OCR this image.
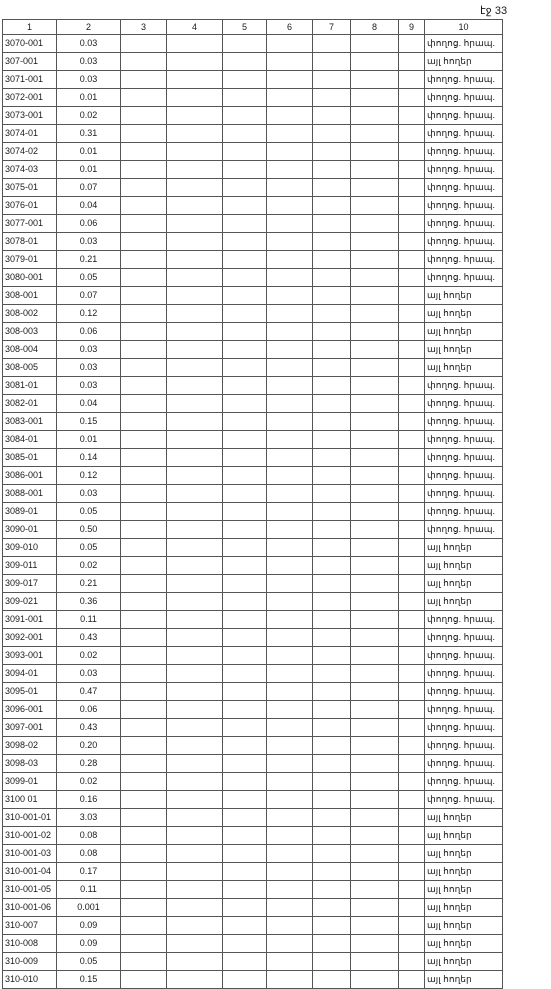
էջ 33
1	2	3	4	5	6	7	8	9	10
3070-001	0.03								փողոց. հրապ.
307-001	0.03								այլ հողեր
3071-001	0.03								փողոց. հրապ.
3072-001	0.01								փողոց. հրապ.
3073-001	0.02								փողոց. հրապ.
3074-01	0.31								փողոց. հրապ.
3074-02	0.01								փողոց. հրապ.
3074-03	0.01								փողոց. հրապ.
3075-01	0.07								փողոց. հրապ.
3076-01	0.04								փողոց. հրապ.
3077-001	0.06								փողոց. հրապ.
3078-01	0.03								փողոց. հրապ.
3079-01	0.21								փողոց. հրապ.
3080-001	0.05								փողոց. հրապ.
308-001	0.07								այլ հողեր
308-002	0.12								այլ հողեր
308-003	0.06								այլ հողեր
308-004	0.03								այլ հողեր
308-005	0.03								այլ հողեր
3081-01	0.03								փողոց. հրապ.
3082-01	0.04								փողոց. հրապ.
3083-001	0.15								փողոց. հրապ.
3084-01	0.01								փողոց. հրապ.
3085-01	0.14								փողոց. հրապ.
3086-001	0.12								փողոց. հրապ.
3088-001	0.03								փողոց. հրապ.
3089-01	0.05								փողոց. հրապ.
3090-01	0.50								փողոց. հրապ.
309-010	0.05								այլ հողեր
309-011	0.02								այլ հողեր
309-017	0.21								այլ հողեր
309-021	0.36								այլ հողեր
3091-001	0.11								փողոց. հրապ.
3092-001	0.43								փողոց. հրապ.
3093-001	0.02								փողոց. հրապ.
3094-01	0.03								փողոց. հրապ.
3095-01	0.47								փողոց. հրապ.
3096-001	0.06								փողոց. հրապ.
3097-001	0.43								փողոց. հրապ.
3098-02	0.20								փողոց. հրապ.
3098-03	0.28								փողոց. հրապ.
3099-01	0.02								փողոց. հրապ.
3100 01	0.16								փողոց. հրապ.
310-001-01	3.03								այլ հողեր
310-001-02	0.08								այլ հողեր
310-001-03	0.08								այլ հողեր
310-001-04	0.17								այլ հողեր
310-001-05	0.11								այլ հողեր
310-001-06	0.001								այլ հողեր
310-007	0.09								այլ հողեր
310-008	0.09								այլ հողեր
310-009	0.05								այլ հողեր
310-010	0.15								այլ հողեր
